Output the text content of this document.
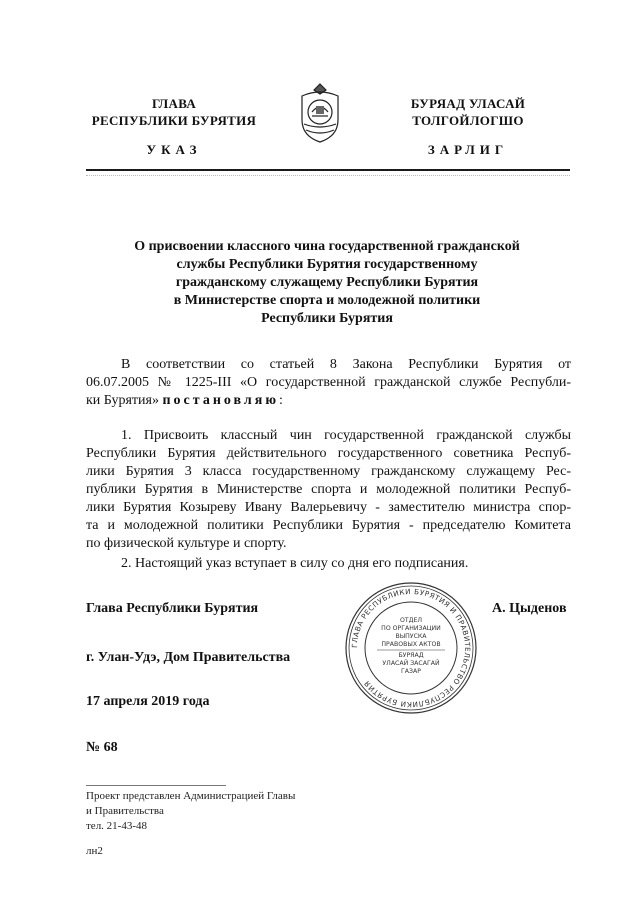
ГЛАВА
РЕСПУБЛИКИ БУРЯТИЯ
БУРЯАД УЛАСАЙ
ТОЛГОЙЛОГШО
УКАЗ	ЗАРЛИГ
О присвоении классного чина государственной гражданской
службы Республики Бурятия государственному
гражданскому служащему Республики Бурятия
в Министерстве спорта и молодежной политики
Республики Бурятия
В соответствии со статьей 8 Закона Республики Бурятия от
06.07.2005 № 1225-III «О государственной гражданской службе Республи-
ки Бурятия» постановляю:
1. Присвоить классный чин государственной гражданской службы
Республики Бурятия действительного государственного советника Респуб-
лики Бурятия 3 класса государственному гражданскому служащему Рес-
публики Бурятия в Министерстве спорта и молодежной политики Респуб-
лики Бурятия Козыреву Ивану Валерьевичу - заместителю министра спор-
та и молодежной политики Республики Бурятия - председателю Комитета
по физической культуре и спорту.
2. Настоящий указ вступает в силу со дня его подписания.
Глава Республики Бурятия	А. Цыденов
ГЛАВА РЕСПУБЛИКИ БУРЯТИЯ И ПРАВИТЕЛЬСТВО РЕСПУБЛИКИ БУРЯТИЯ
ОТДЕЛ
ПО ОРГАНИЗАЦИИ
ВЫПУСКА
ПРАВОВЫХ АКТОВ
БУРЯАД
УЛАСАЙ ЗАСАГАЙ
ГАЗАР
г. Улан-Удэ, Дом Правительства
17 апреля 2019 года
№ 68
Проект представлен Администрацией Главы
и Правительства
тел. 21-43-48
лн2
